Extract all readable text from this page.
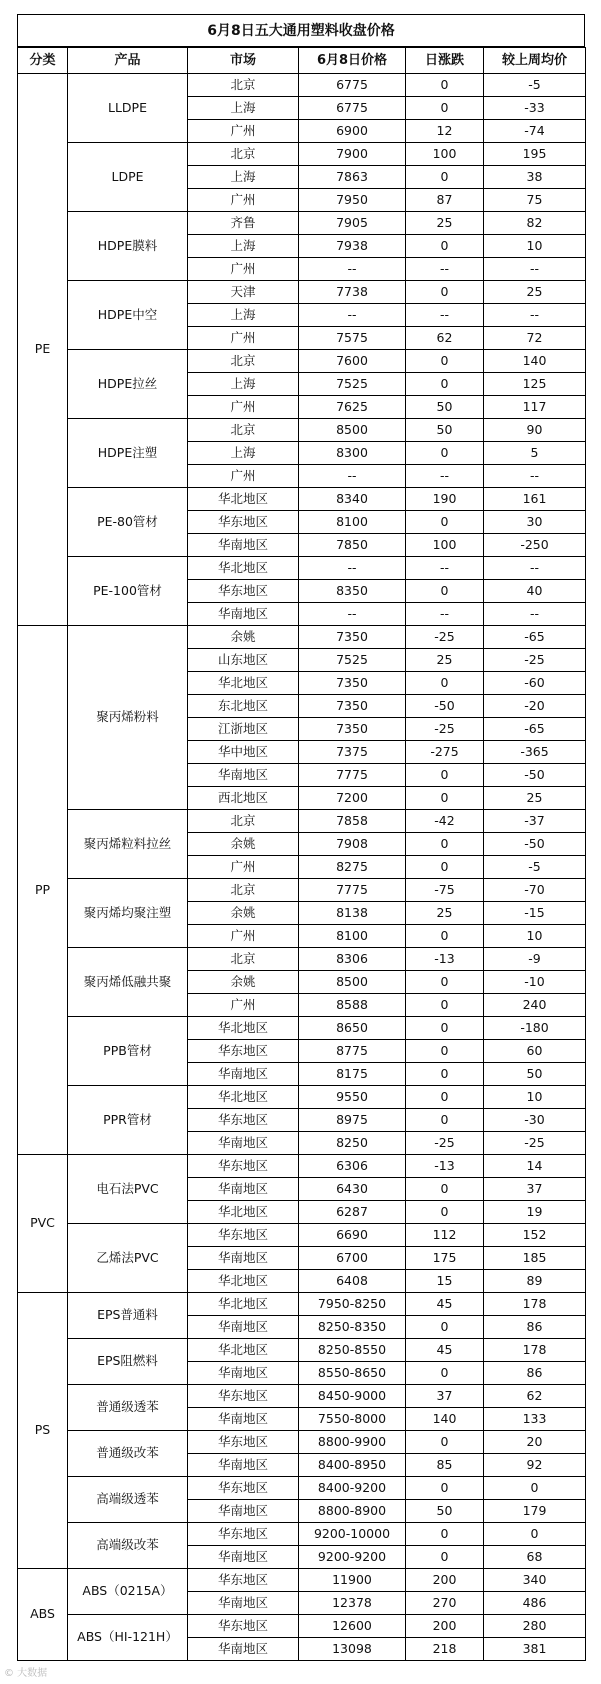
6月8日五大通用塑料收盘价格
分类	产品	市场	6月8日价格	日涨跌	较上周均价
PE	LLDPE	北京	6775	0	-5
		上海	6775	0	-33
		广州	6900	12	-74
	LDPE	北京	7900	100	195
		上海	7863	0	38
		广州	7950	87	75
	HDPE膜料	齐鲁	7905	25	82
		上海	7938	0	10
		广州	--	--	--
	HDPE中空	天津	7738	0	25
		上海	--	--	--
		广州	7575	62	72
	HDPE拉丝	北京	7600	0	140
		上海	7525	0	125
		广州	7625	50	117
	HDPE注塑	北京	8500	50	90
		上海	8300	0	5
		广州	--	--	--
	PE-80管材	华北地区	8340	190	161
		华东地区	8100	0	30
		华南地区	7850	100	-250
	PE-100管材	华北地区	--	--	--
		华东地区	8350	0	40
		华南地区	--	--	--
PP	聚丙烯粉料	余姚	7350	-25	-65
		山东地区	7525	25	-25
		华北地区	7350	0	-60
		东北地区	7350	-50	-20
		江浙地区	7350	-25	-65
		华中地区	7375	-275	-365
		华南地区	7775	0	-50
		西北地区	7200	0	25
	聚丙烯粒料拉丝	北京	7858	-42	-37
		余姚	7908	0	-50
		广州	8275	0	-5
	聚丙烯均聚注塑	北京	7775	-75	-70
		余姚	8138	25	-15
		广州	8100	0	10
	聚丙烯低融共聚	北京	8306	-13	-9
		余姚	8500	0	-10
		广州	8588	0	240
	PPB管材	华北地区	8650	0	-180
		华东地区	8775	0	60
		华南地区	8175	0	50
	PPR管材	华北地区	9550	0	10
		华东地区	8975	0	-30
		华南地区	8250	-25	-25
PVC	电石法PVC	华东地区	6306	-13	14
		华南地区	6430	0	37
		华北地区	6287	0	19
	乙烯法PVC	华东地区	6690	112	152
		华南地区	6700	175	185
		华北地区	6408	15	89
PS	EPS普通料	华北地区	7950-8250	45	178
		华南地区	8250-8350	0	86
	EPS阻燃料	华北地区	8250-8550	45	178
		华南地区	8550-8650	0	86
	普通级透苯	华东地区	8450-9000	37	62
		华南地区	7550-8000	140	133
	普通级改苯	华东地区	8800-9900	0	20
		华南地区	8400-8950	85	92
	高端级透苯	华东地区	8400-9200	0	0
		华南地区	8800-8900	50	179
	高端级改苯	华东地区	9200-10000	0	0
		华南地区	9200-9200	0	68
ABS	ABS（0215A）	华东地区	11900	200	340
		华南地区	12378	270	486
	ABS（HI-121H）	华东地区	12600	200	280
		华南地区	13098	218	381
© 大数据
